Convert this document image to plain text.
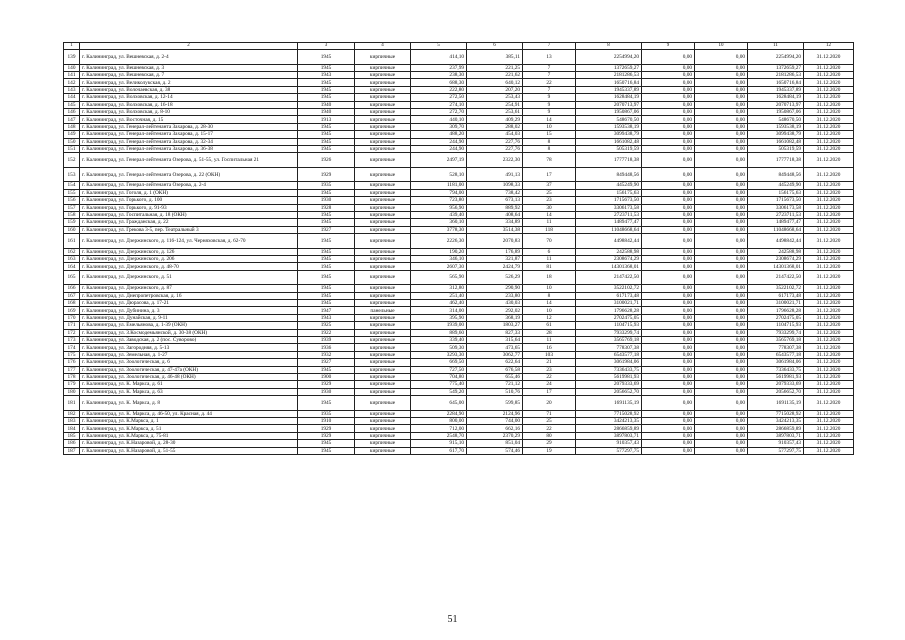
1	2	3	4	5	6	7	8	9	10	11	12
139	г. Калининград, ул. Вешневская, д. 2-4	1945	кирпичные	414,10	385,11	13	2254994,20	0,00	0,00	2254994,20	31.12.2020
140	г. Калининград, ул. Вешневская, д. 3	1945	кирпичные	237,99	221,25	7	1372659,27	0,00	0,00	1372659,27	31.12.2020
141	г. Калининград, ул. Вешневская, д. 7	1943	кирпичные	238,30	221,62	7	2181286,53	0,00	0,00	2181286,53	31.12.2020
142	г. Калининград, ул. Великолукская, д. 2	1945	кирпичные	688,30	640,12	22	1650716,84	0,00	0,00	1650716,84	31.12.2020
143	г. Калининград, ул. Волочаевская, д. 38	1945	кирпичные	222,80	207,20	7	1945337,89	0,00	0,00	1945337,89	31.12.2020
144	г. Калининград, ул. Волховская, д. 12-14	1945	кирпичные	272,50	253,43	9	1628484,19	0,00	0,00	1628484,19	31.12.2020
145	г. Калининград, ул. Волховская, д. 16-18	1940	кирпичные	274,10	254,91	9	2070713,97	0,00	0,00	2070713,97	31.12.2020
146	г. Калининград, ул. Волховская, д. 8-10	1940	кирпичные	272,70	253,61	9	1950867,06	0,00	0,00	1950867,06	31.12.2020
147	г. Калининград, ул. Восточная, д. 15	1913	кирпичные	440,10	409,29	14	548670,50	0,00	0,00	548670,50	31.12.2020
148	г. Калининград, ул. Генерал-лейтенанта Захарова, д. 28-30	1945	кирпичные	309,70	288,02	10	1593538,19	0,00	0,00	1593538,19	31.12.2020
149	г. Калининград, ул. Генерал-лейтенанта Захарова, д. 15-17	1945	кирпичные	488,20	454,03	15	3099438,79	0,00	0,00	3099438,79	31.12.2020
150	г. Калининград, ул. Генерал-лейтенанта Захарова, д. 32-34	1945	кирпичные	244,90	227,76	8	1661082,48	0,00	0,00	1661082,48	31.12.2020
151	г. Калининград, ул. Генерал-лейтенанта Захарова, д. 36-38	1945	кирпичные	244,90	227,76	8	505319,59	0,00	0,00	505319,59	31.12.2020
152	г. Калининград, ул. Генерал-лейтенанта Озерова, д. 51-55, ул. Госпитальная 21	1926	кирпичные	2497,19	2322,30	78	1777718,38	0,00	0,00	1777718,38	31.12.2020
153	г. Калининград, ул. Генерал-лейтенанта Озерова, д. 22 (ОКН)	1929	кирпичные	528,10	491,13	17	849448,56	0,00	0,00	849448,56	31.12.2020
154	г. Калининград, ул. Генерал-лейтенанта Озерова, д. 2-4	1935	кирпичные	1181,00	1098,33	37	445249,90	0,00	0,00	445249,90	31.12.2020
155	г. Калининград, ул. Гоголя, д. 1 (ОКН)	1945	кирпичные	794,00	738,42	25	156175,63	0,00	0,00	156175,63	31.12.2020
156	г. Калининград, ул. Горького, д. 100	1930	кирпичные	723,80	673,13	23	1715673,50	0,00	0,00	1715673,50	31.12.2020
157	г. Калининград, ул. Горького, д. 91-93	1928	кирпичные	956,90	889,92	30	3306173,58	0,00	0,00	3306173,58	31.12.2020
158	г. Калининград, ул. Госпитальная, д. 18 (ОКН)	1945	кирпичные	439,40	408,64	14	2723711,53	0,00	0,00	2723711,53	31.12.2020
159	г. Калининград, ул. Гражданская, д. 22	1945	кирпичные	360,10	334,89	11	1489477,47	0,00	0,00	1489477,47	31.12.2020
160	г. Калининград, ул. Грекова 3-5, пер. Театральный 3	1927	кирпичные	3778,30	3514,38	118	11048668,64	0,00	0,00	11048668,64	31.12.2020
161	г. Калининград, ул. Дзержинского, д. 116-124, ул. Черняховская, д. 62-70	1945	кирпичные	2226,30	2070,83	70	4498842,44	0,00	0,00	4498842,44	31.12.2020
162	г. Калининград, ул. Дзержинского, д. 126	1945	кирпичные	190,20	176,89	6	242588,98	0,00	0,00	242588,98	31.12.2020
163	г. Калининград, ул. Дзержинского, д. 206	1945	кирпичные	346,10	321,87	11	2308674,29	0,00	0,00	2308674,29	31.12.2020
164	г. Калининград, ул. Дзержинского, д. 48-70	1945	кирпичные	2607,30	2424,79	81	14301368,01	0,00	0,00	14301368,01	31.12.2020
165	г. Калининград, ул. Дзержинского, д. 51	1945	кирпичные	565,90	526,29	18	2147422,50	0,00	0,00	2147422,50	31.12.2020
166	г. Калининград, ул. Дзержинского, д. 87	1945	кирпичные	312,80	290,90	10	3522102,72	0,00	0,00	3522102,72	31.12.2020
167	г. Калининград, ул. Днепропетровская, д. 16	1945	кирпичные	251,40	233,80	8	617173,48	0,00	0,00	617173,48	31.12.2020
168	г. Калининград, ул. Дюрасова, д. 17-21	1945	кирпичные	462,40	430,03	14	3100021,71	0,00	0,00	3100021,71	31.12.2020
169	г. Калининград, ул. Дубинина, д. 3	1947	панельные	314,00	292,02	10	1796628,28	0,00	0,00	1796628,28	31.12.2020
170	г. Калининград, ул. Дунайская, д. 9-11	1943	кирпичные	395,90	368,19	12	2702475,05	0,00	0,00	2702475,05	31.12.2020
171	г. Калининград, ул. Емельянова, д. 1-39 (ОКН)	1925	кирпичные	1939,00	1803,27	61	1104715,93	0,00	0,00	1104715,93	31.12.2020
172	г. Калининград, ул. З.Космодемьянской, д. 30-38 (ОКН)	1922	кирпичные	889,60	827,33	28	7933299,74	0,00	0,00	7933299,74	31.12.2020
173	г. Калининград, ул. Заводская, д. 2 (пос. Суворово)	1939	кирпичные	339,40	315,64	11	3565769,18	0,00	0,00	3565769,18	31.12.2020
174	г. Калининград, ул. Загородняя, д. 5-13	1936	кирпичные	509,30	473,65	16	778307,38	0,00	0,00	778307,38	31.12.2020
175	г. Калининград, ул. Земельная, д. 1-27	1932	кирпичные	3293,30	3062,77	103	6543577,18	0,00	0,00	6543577,18	31.12.2020
176	г. Калининград, ул. Зоологическая, д. 6	1927	кирпичные	669,50	622,64	21	3061984,06	0,00	0,00	3061984,06	31.12.2020
177	г. Калининград, ул. Зоологическая, д. 47-47а (ОКН)	1945	кирпичные	727,50	676,58	23	7336433,75	0,00	0,00	7336433,75	31.12.2020
178	г. Калининград, ул. Зоологическая, д. 46-48 (ОКН)	1900	кирпичные	704,80	655,46	22	5619981,93	0,00	0,00	5619981,93	31.12.2020
179	г. Калининград, ул. К. Маркса, д. 61	1929	кирпичные	775,40	721,12	24	2079333,69	0,00	0,00	2079333,69	31.12.2020
180	г. Калининград, ул. К. Маркса, д. 63	1930	кирпичные	549,20	510,76	17	2056652,70	0,00	0,00	2056652,70	31.12.2020
181	г. Калининград, ул. К. Маркса, д. 8	1945	кирпичные	645,00	599,85	20	1691135,19	0,00	0,00	1691135,19	31.12.2020
182	г. Калининград, ул. К. Маркса, д. 46-50, ул. Красная, д. 44	1935	кирпичные	2284,90	2124,96	71	7715028,92	0,00	0,00	7715028,92	31.12.2020
183	г. Калининград, ул. К.Маркса, д. 1	1910	кирпичные	800,00	744,00	25	3424213,35	0,00	0,00	3424213,35	31.12.2020
184	г. Калининград, ул. К.Маркса, д. 51	1929	кирпичные	712,00	662,16	22	2866859,89	0,00	0,00	2866859,89	31.12.2020
185	г. Калининград, ул. К.Маркса, д. 75-81	1929	кирпичные	2548,70	2370,29	80	3897803,71	0,00	0,00	3897803,71	31.12.2020
186	г. Калининград, ул. К.Назаровой, д. 28-30	1945	кирпичные	915,10	851,04	29	910357,43	0,00	0,00	910357,43	31.12.2020
187	г. Калининград, ул. К.Назаровой, д. 51-55	1945	кирпичные	617,70	574,46	19	577297,75	0,00	0,00	577297,75	31.12.2020
51
